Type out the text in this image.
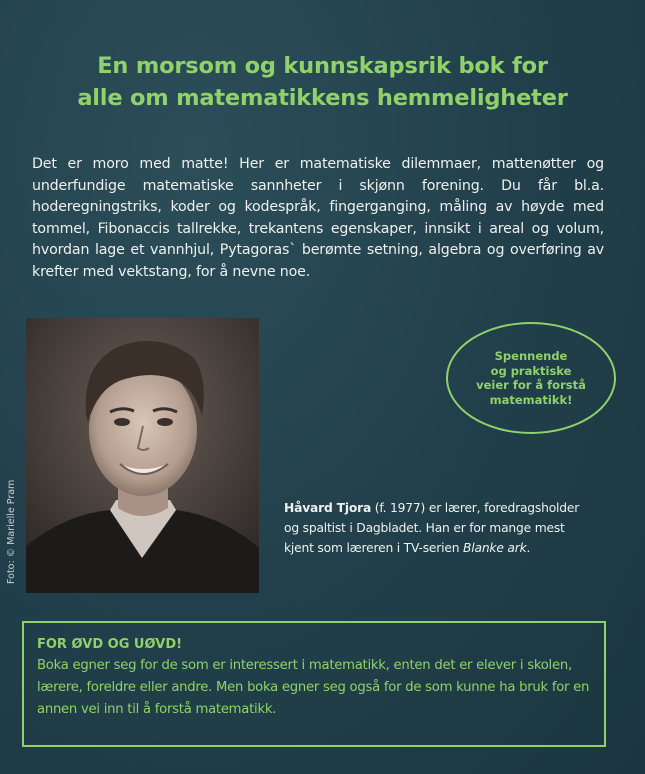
En morsom og kunnskapsrik bok for
alle om matematikkens hemmeligheter

Det er moro med matte! Her er matematiske dilemmaer, mattenøtter og underfundige matematiske sannheter i skjønn forening. Du får bl.a. hoderegningstriks, koder og kodespråk, fingerganging, måling av høyde med tommel, Fibonaccis tallrekke, trekantens egenskaper, innsikt i areal og volum, hvordan lage et vannhjul, Pytagoras` berømte setning, algebra og overføring av krefter med vektstang, for å nevne noe.

Foto: © Marielle Pram
Spennende
og praktiske
veier for å forstå
matematikk!

Håvard Tjora (f. 1977) er lærer, foredragsholder og spaltist i Dagbladet. Han er for mange mest kjent som læreren i TV-serien Blanke ark.

FOR ØVD OG UØVD!
Boka egner seg for de som er interessert i matematikk, enten det er elever i skolen, lærere, foreldre eller andre. Men boka egner seg også for de som kunne ha bruk for en annen vei inn til å forstå matematikk.
